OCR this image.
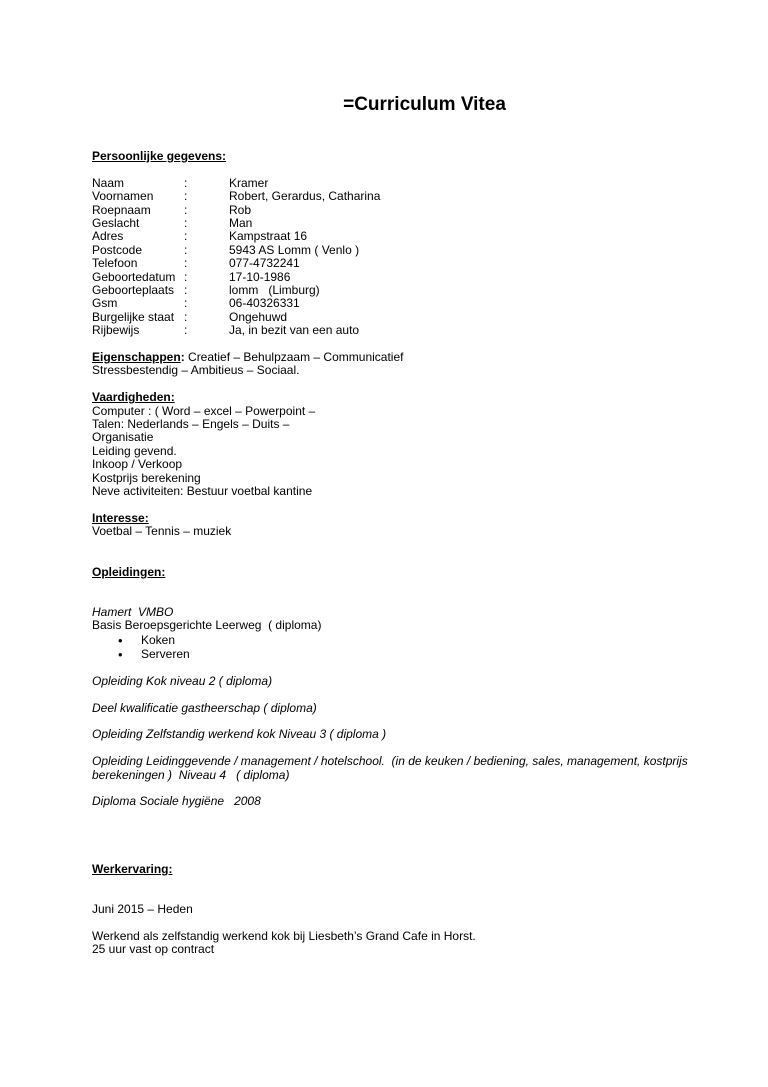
=Curriculum Vitea
Persoonlijke gegevens:
Naam	:	Kramer
Voornamen	:	Robert, Gerardus, Catharina
Roepnaam	:	Rob
Geslacht	:	Man
Adres	:	Kampstraat 16
Postcode	:	5943 AS Lomm ( Venlo )
Telefoon	:	077-4732241
Geboortedatum :	17-10-1986
Geboorteplaats :	lomm   (Limburg)
Gsm	:	06-40326331
Burgelijke staat :	Ongehuwd
Rijbewijs	:	Ja, in bezit van een auto
Eigenschappen: Creatief – Behulpzaam – Communicatief
Stressbestendig – Ambitieus – Sociaal.
Vaardigheden:
Computer : ( Word – excel – Powerpoint –
Talen: Nederlands – Engels – Duits –
Organisatie
Leiding gevend.
Inkoop / Verkoop
Kostprijs berekening
Neve activiteiten: Bestuur voetbal kantine
Interesse:
Voetbal – Tennis – muziek
Opleidingen:
Hamert  VMBO
Basis Beroepsgerichte Leerweg  ( diploma)
• Koken
• Serveren
Opleiding Kok niveau 2 ( diploma)
Deel kwalificatie gastheerschap ( diploma)
Opleiding Zelfstandig werkend kok Niveau 3 ( diploma )
Opleiding Leidinggevende / management / hotelschool.  (in de keuken / bediening, sales, management, kostprijs
berekeningen )  Niveau 4   ( diploma)
Diploma Sociale hygiëne   2008
Werkervaring:
Juni 2015 – Heden
Werkend als zelfstandig werkend kok bij Liesbeth’s Grand Cafe in Horst.
25 uur vast op contract
